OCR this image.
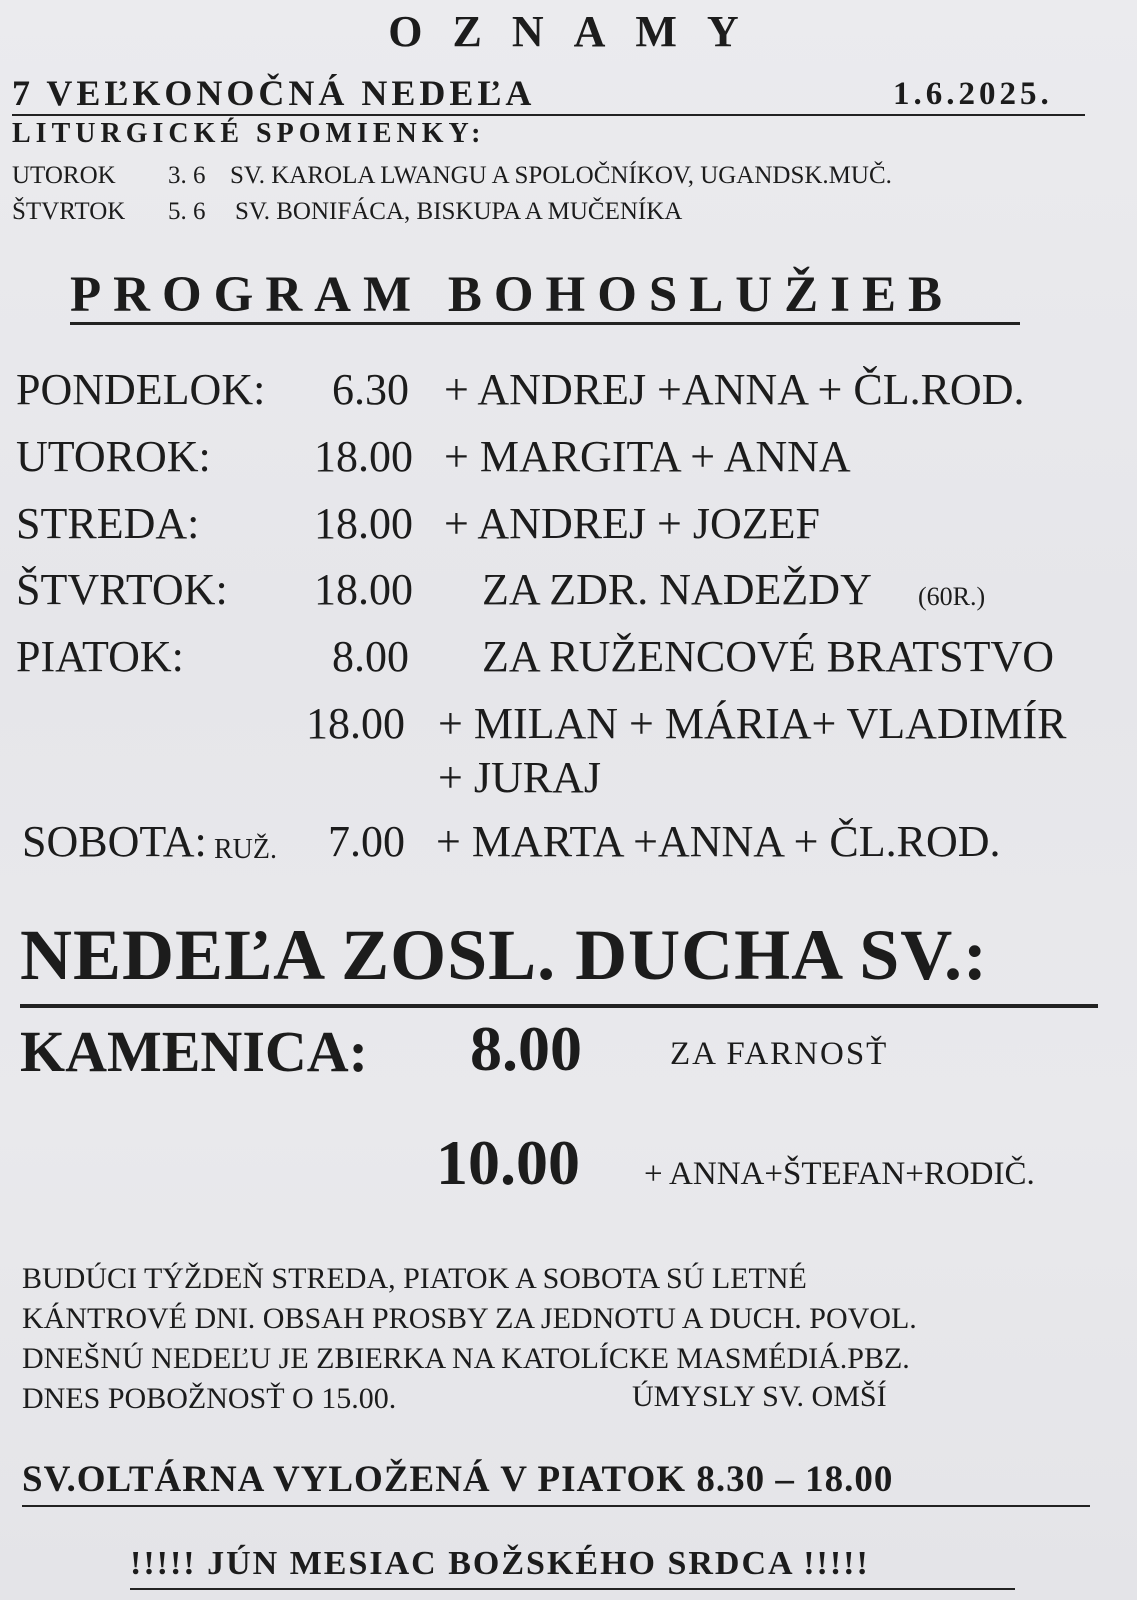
OZNAMY
7 VEĽKONOČNÁ NEDEĽA	1.6.2025.
LITURGICKÉ SPOMIENKY:
UTOROK 3. 6 SV. KAROLA LWANGU A SPOLOČNÍKOV, UGANDSK.MUČ.
ŠTVRTOK 5. 6 SV. BONIFÁCA, BISKUPA A MUČENÍKA
PROGRAM BOHOSLUŽIEB
PONDELOK: 6.30 + ANDREJ +ANNA + ČL.ROD.
UTOROK: 18.00 + MARGITA + ANNA
STREDA:	18.00 + ANDREJ + JOZEF
ŠTVRTOK: 18.00 ZA ZDR. NADEŽDY (60R.)
PIATOK:	8.00 ZA RUŽENCOVÉ BRATSTVO
18.00 + MILAN + MÁRIA+ VLADIMÍR
+ JURAJ
SOBOTA: RUŽ. 7.00 + MARTA +ANNA + ČL.ROD.
NEDEĽA ZOSL. DUCHA SV.:
KAMENICA: 8.00	ZA FARNOSŤ
10.00 + ANNA+ŠTEFAN+RODIČ.
BUDÚCI TÝŽDEŇ STREDA, PIATOK A SOBOTA SÚ LETNÉ
KÁNTROVÉ DNI. OBSAH PROSBY ZA JEDNOTU A DUCH. POVOL.
DNEŠNÚ NEDEĽU JE ZBIERKA NA KATOLÍCKE MASMÉDIÁ.PBZ.
DNES POBOŽNOSŤ O 15.00.	ÚMYSLY SV. OMŠÍ
SV.OLTÁRNA VYLOŽENÁ V PIATOK 8.30 – 18.00
!!!!! JÚN MESIAC BOŽSKÉHO SRDCA !!!!!
